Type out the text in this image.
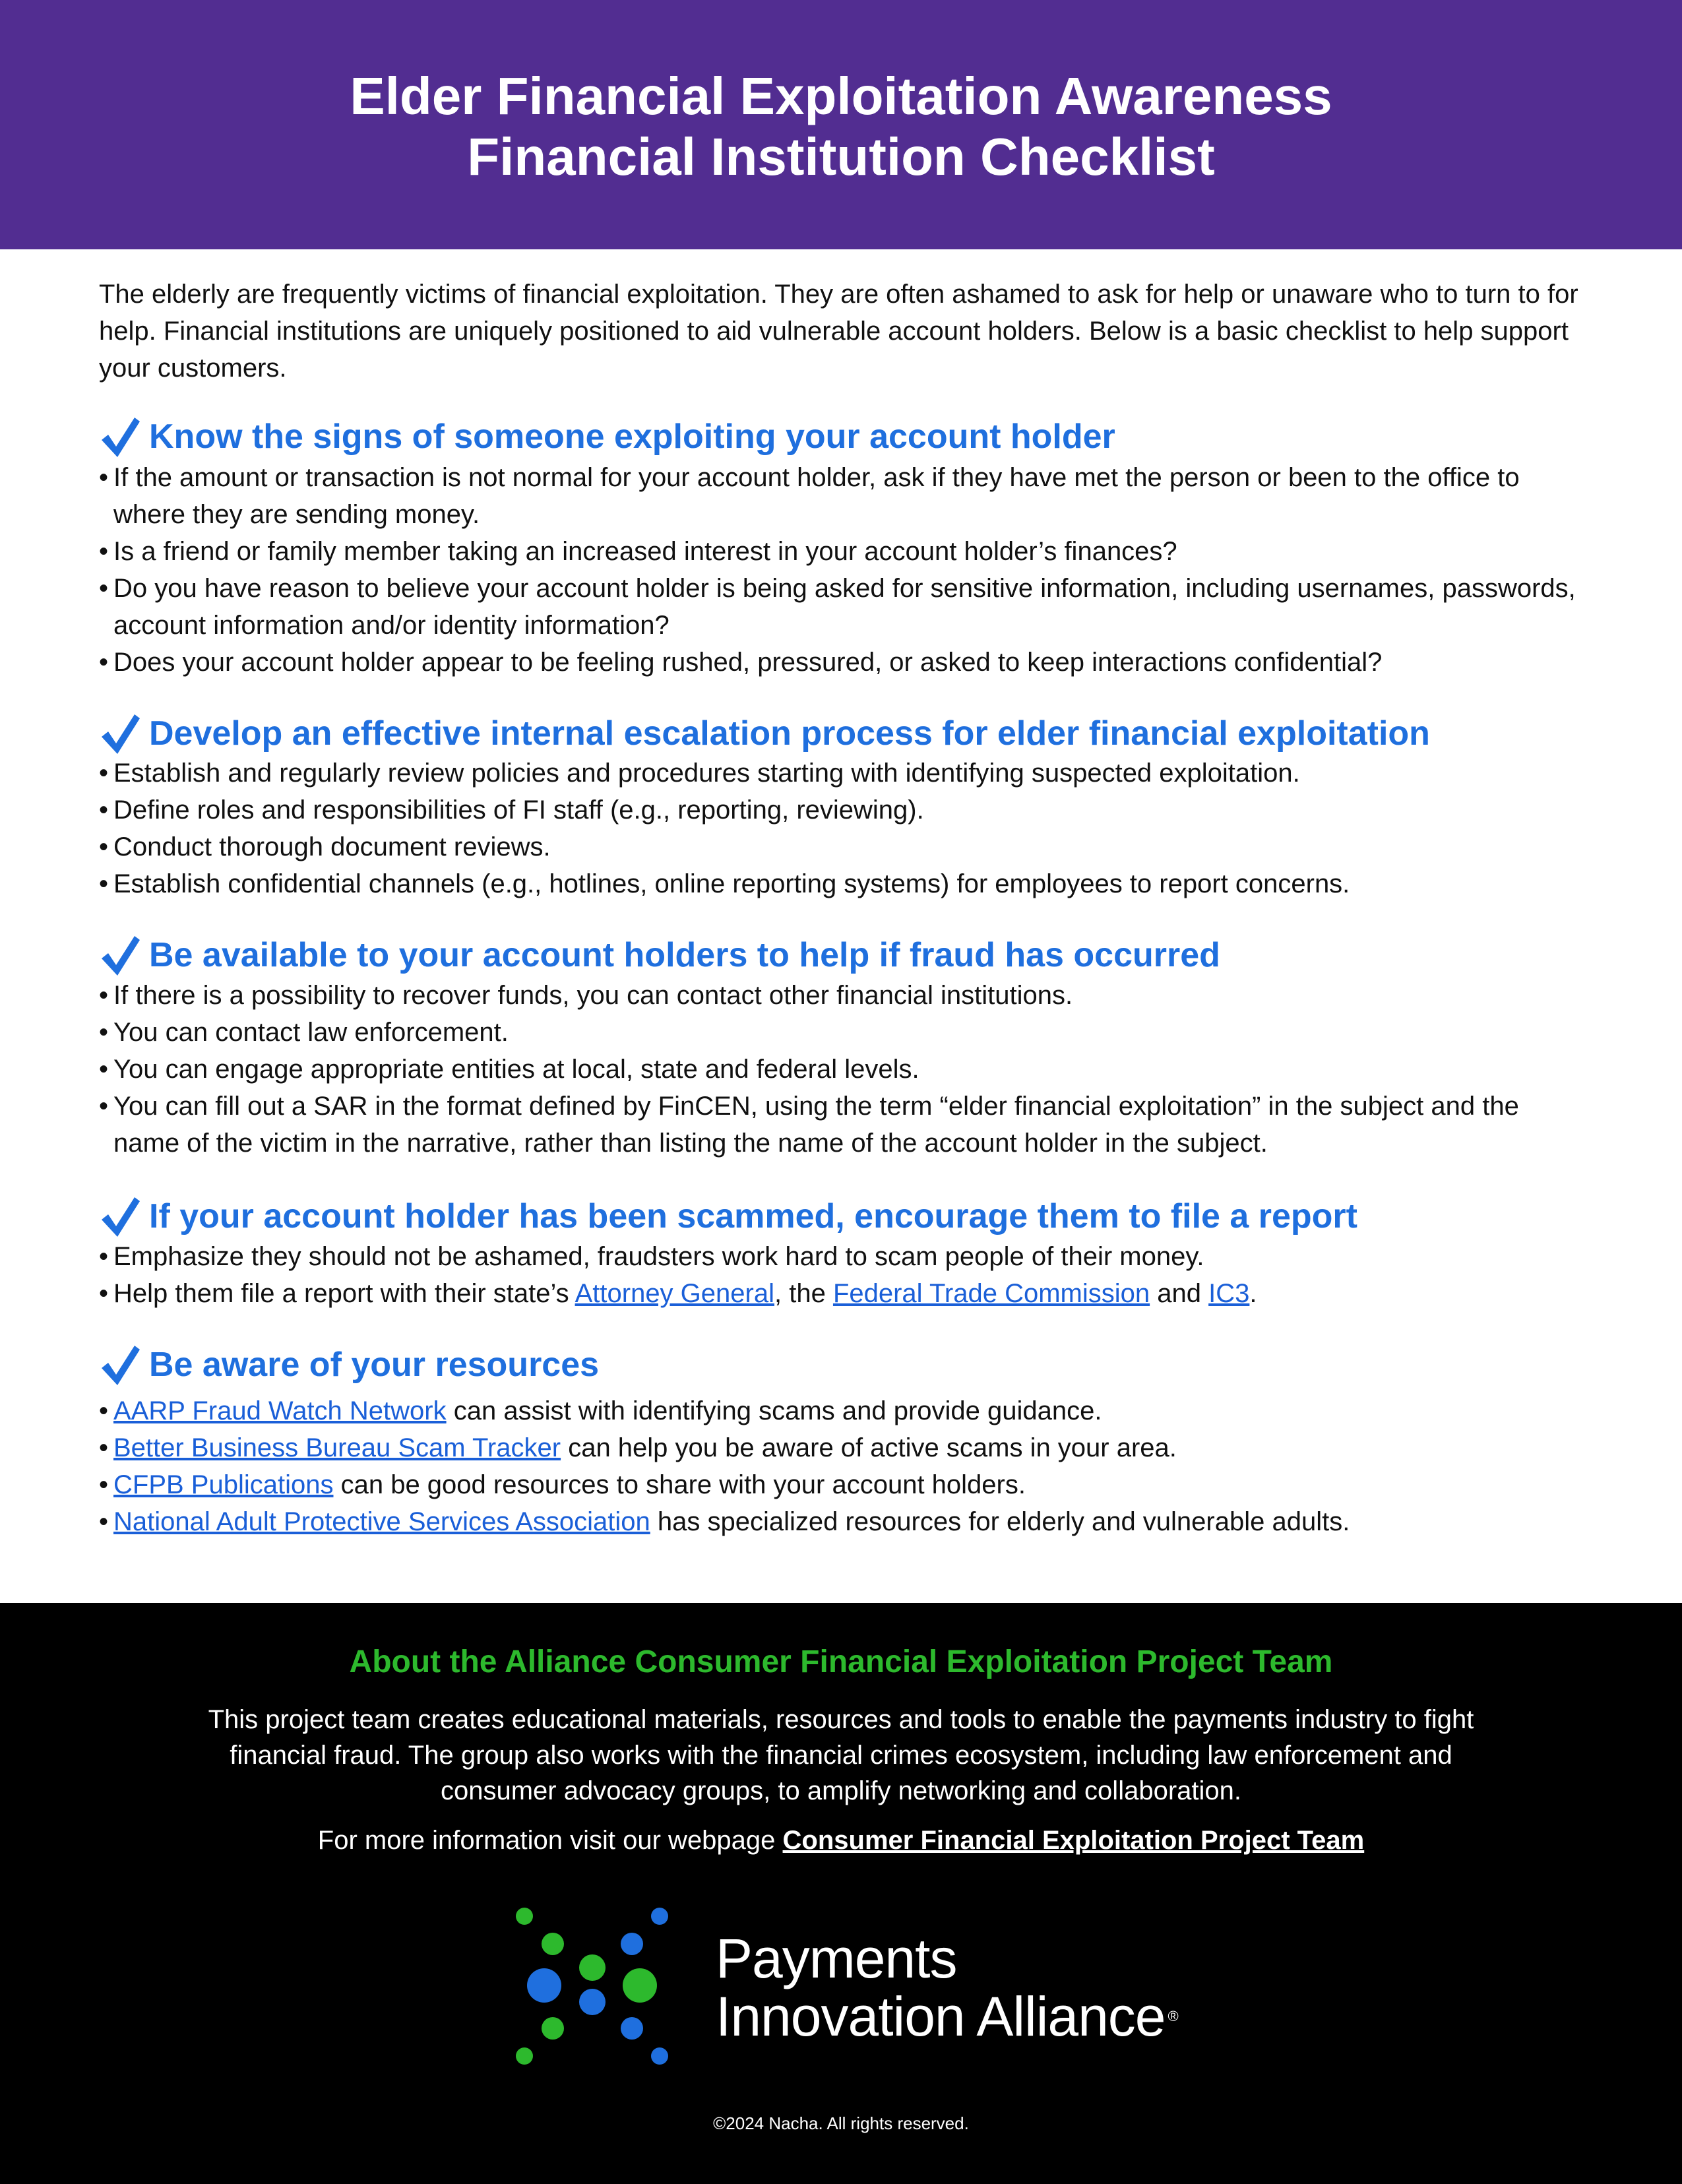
Elder Financial Exploitation Awareness
Financial Institution Checklist

The elderly are frequently victims of financial exploitation. They are often ashamed to ask for help or unaware who to turn to for help. Financial institutions are uniquely positioned to aid vulnerable account holders. Below is a basic checklist to help support your customers.

Know the signs of someone exploiting your account holder
• If the amount or transaction is not normal for your account holder, ask if they have met the person or been to the office to where they are sending money.
• Is a friend or family member taking an increased interest in your account holder’s finances?
• Do you have reason to believe your account holder is being asked for sensitive information, including usernames, passwords, account information and/or identity information?
• Does your account holder appear to be feeling rushed, pressured, or asked to keep interactions confidential?
Develop an effective internal escalation process for elder financial exploitation
• Establish and regularly review policies and procedures starting with identifying suspected exploitation.
• Define roles and responsibilities of FI staff (e.g., reporting, reviewing).
• Conduct thorough document reviews.
• Establish confidential channels (e.g., hotlines, online reporting systems) for employees to report concerns.
Be available to your account holders to help if fraud has occurred
• If there is a possibility to recover funds, you can contact other financial institutions.
• You can contact law enforcement.
• You can engage appropriate entities at local, state and federal levels.
• You can fill out a SAR in the format defined by FinCEN, using the term “elder financial exploitation” in the subject and the name of the victim in the narrative, rather than listing the name of the account holder in the subject.
If your account holder has been scammed, encourage them to file a report
• Emphasize they should not be ashamed, fraudsters work hard to scam people of their money.
• Help them file a report with their state’s Attorney General, the Federal Trade Commission and IC3.
Be aware of your resources
• AARP Fraud Watch Network can assist with identifying scams and provide guidance.
• Better Business Bureau Scam Tracker can help you be aware of active scams in your area.
• CFPB Publications can be good resources to share with your account holders.
• National Adult Protective Services Association has specialized resources for elderly and vulnerable adults.
About the Alliance Consumer Financial Exploitation Project Team

This project team creates educational materials, resources and tools to enable the payments industry to fight financial fraud. The group also works with the financial crimes ecosystem, including law enforcement and consumer advocacy groups, to amplify networking and collaboration.

For more information visit our webpage Consumer Financial Exploitation Project Team

Payments
Innovation Alliance ®

©2024 Nacha. All rights reserved.
